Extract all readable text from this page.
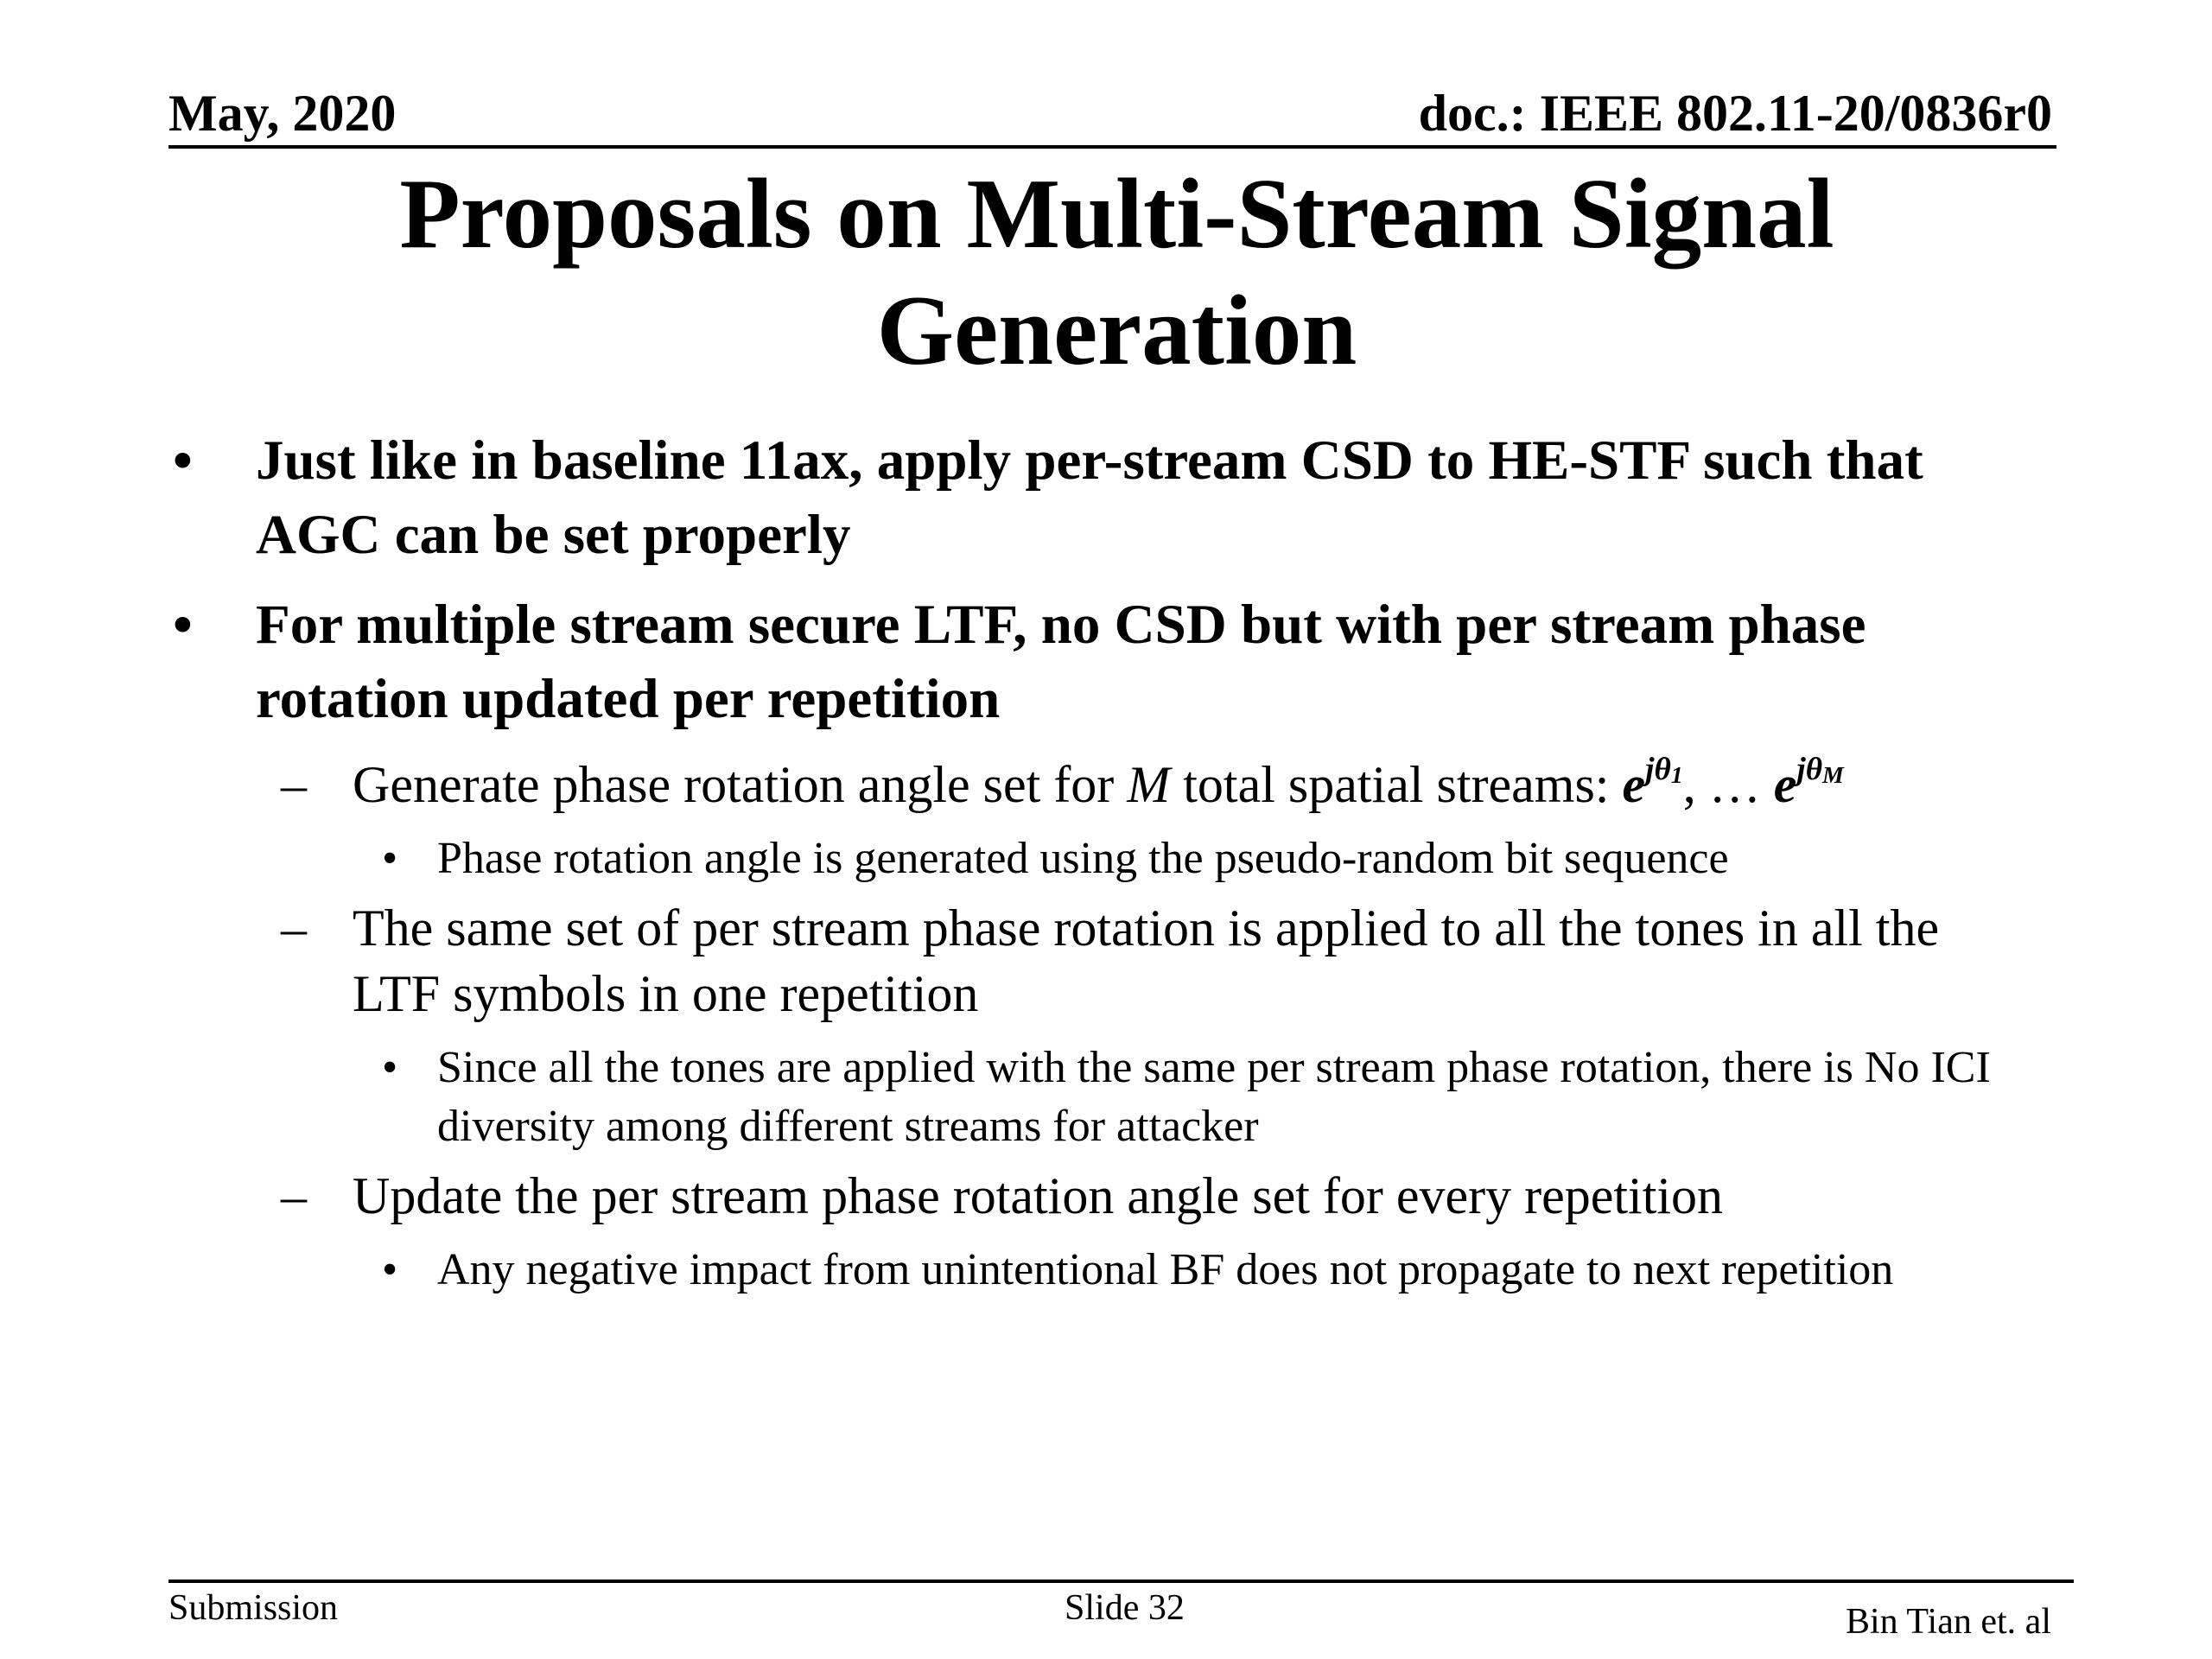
May, 2020	doc.: IEEE 802.11-20/0836r0
Proposals on Multi-Stream Signal
Generation
• Just like in baseline 11ax, apply per-stream CSD to HE-STF such that AGC can be set properly
• For multiple stream secure LTF, no CSD but with per stream phase rotation updated per repetition
– Generate phase rotation angle set for M total spatial streams: $e^{j\theta_1}$, … $e^{j\theta_M}$
• Phase rotation angle is generated using the pseudo-random bit sequence
– The same set of per stream phase rotation is applied to all the tones in all the LTF symbols in one repetition
• Since all the tones are applied with the same per stream phase rotation, there is No ICI diversity among different streams for attacker
– Update the per stream phase rotation angle set for every repetition
• Any negative impact from unintentional BF does not propagate to next repetition
Submission	Slide 32	Bin Tian et. al
